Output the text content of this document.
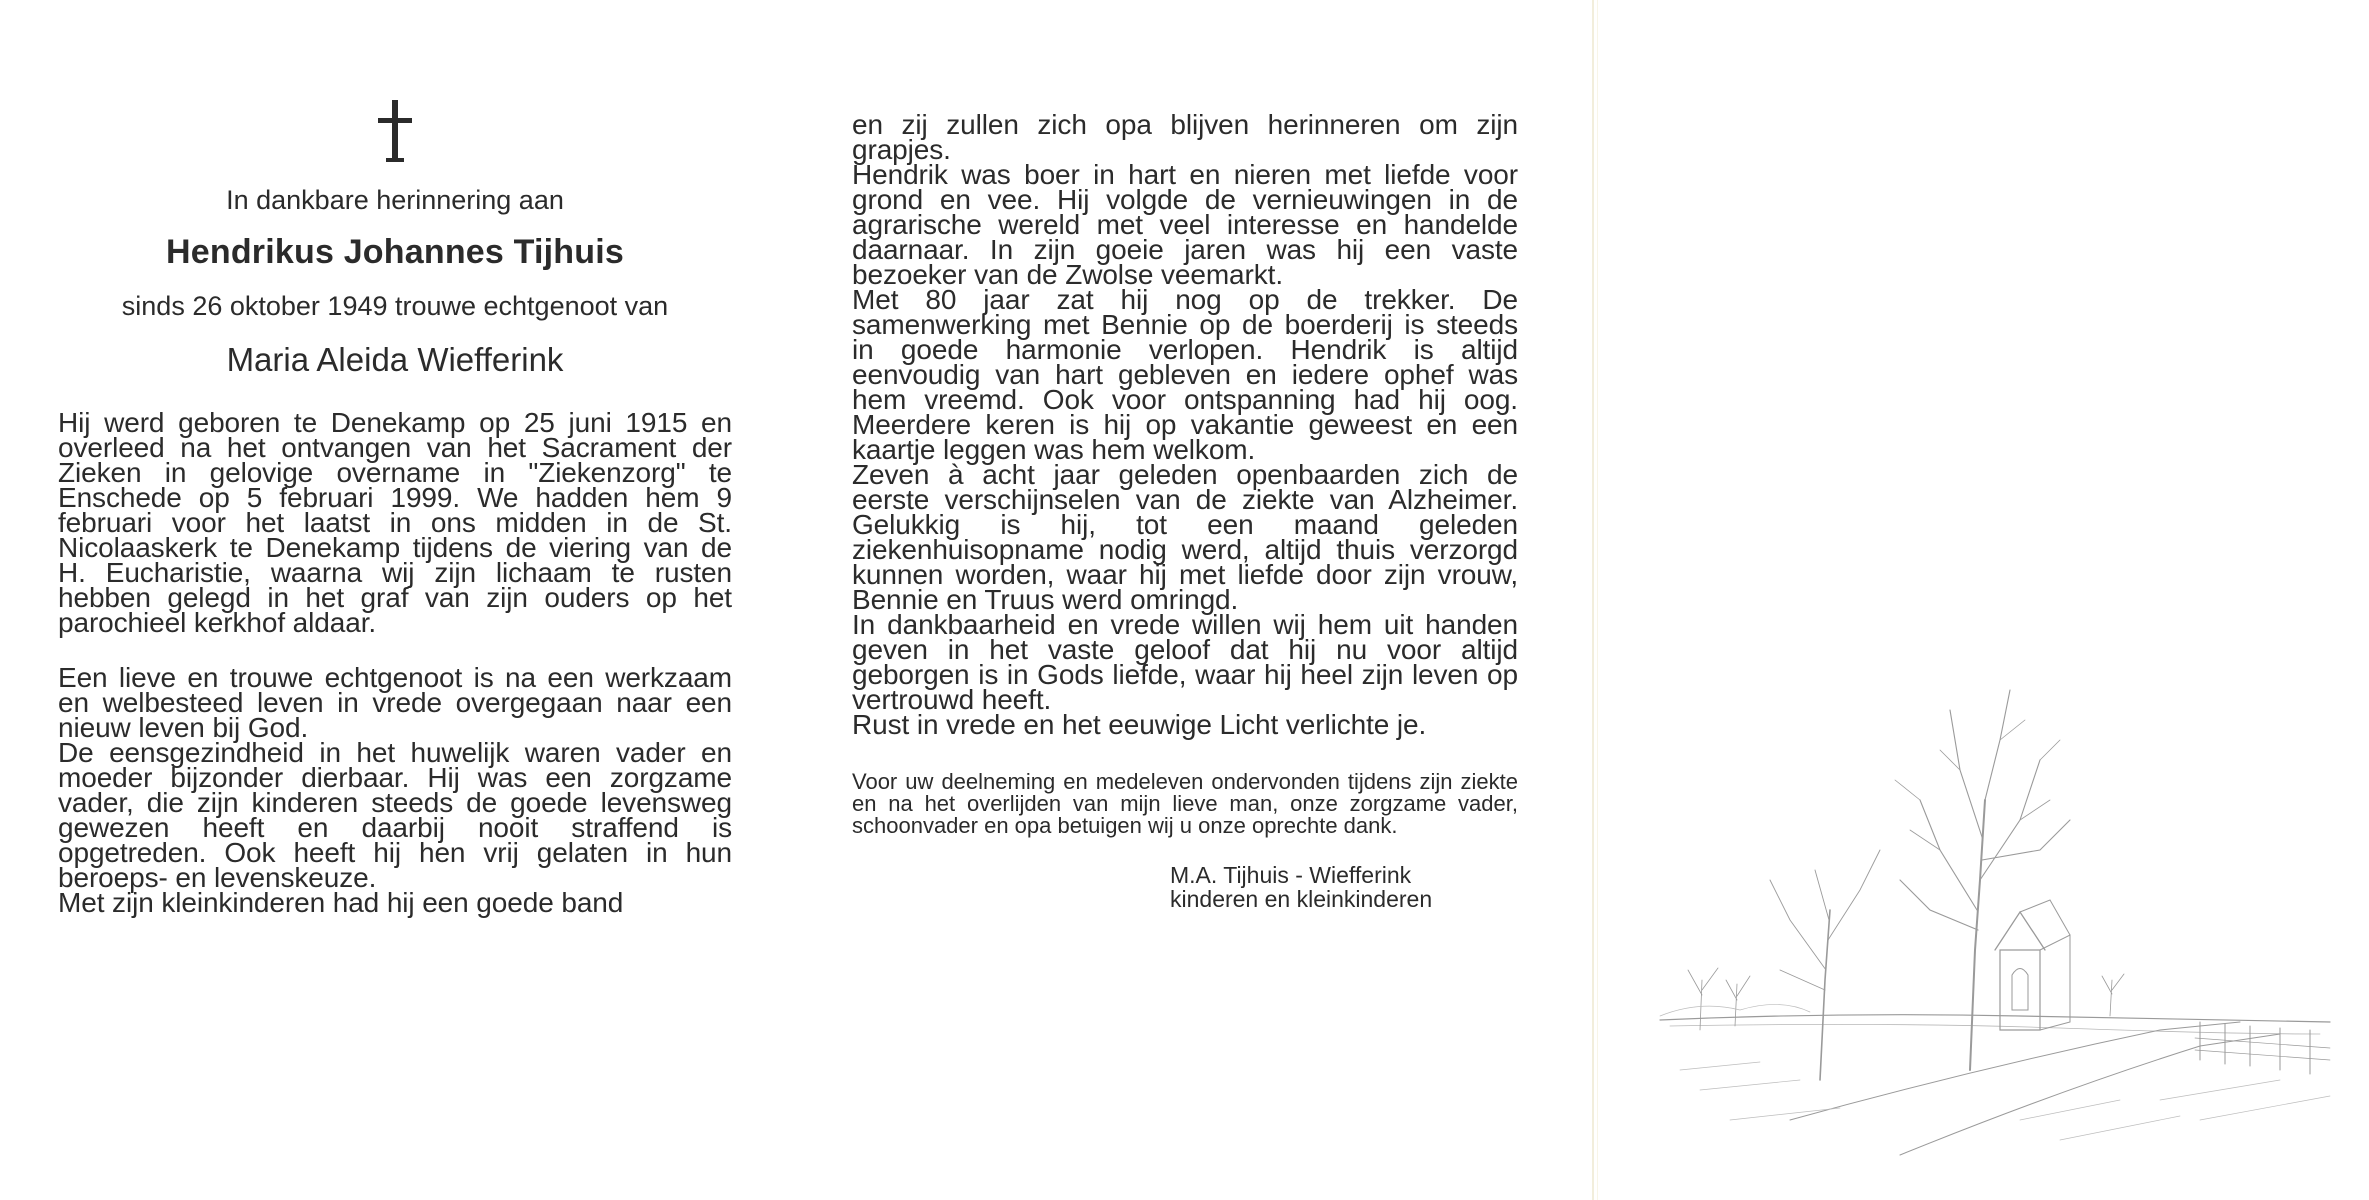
In dankbare herinnering aan
Hendrikus Johannes Tijhuis
sinds 26 oktober 1949 trouwe echtgenoot van
Maria Aleida Wiefferink

Hij werd geboren te Denekamp op 25 juni 1915 en overleed na het ontvangen van het Sacrament der Zieken in gelovige overname in "Ziekenzorg" te Enschede op 5 februari 1999. We hadden hem 9 februari voor het laatst in ons midden in de St. Nicolaaskerk te Denekamp tijdens de viering van de H. Eucharistie, waarna wij zijn lichaam te rusten hebben gelegd in het graf van zijn ouders op het parochieel kerkhof aldaar.

Een lieve en trouwe echtgenoot is na een werkzaam en welbesteed leven in vrede overgegaan naar een nieuw leven bij God.

De eensgezindheid in het huwelijk waren vader en moeder bijzonder dierbaar. Hij was een zorgzame vader, die zijn kinderen steeds de goede levensweg gewezen heeft en daarbij nooit straffend is opgetreden. Ook heeft hij hen vrij gelaten in hun beroeps- en levenskeuze.

Met zijn kleinkinderen had hij een goede band

en zij zullen zich opa blijven herinneren om zijn grapjes.

Hendrik was boer in hart en nieren met liefde voor grond en vee. Hij volgde de vernieuwingen in de agrarische wereld met veel interesse en handelde daarnaar. In zijn goeie jaren was hij een vaste bezoeker van de Zwolse veemarkt.

Met 80 jaar zat hij nog op de trekker. De samenwerking met Bennie op de boerderij is steeds in goede harmonie verlopen. Hendrik is altijd eenvoudig van hart gebleven en iedere ophef was hem vreemd. Ook voor ontspanning had hij oog. Meerdere keren is hij op vakantie geweest en een kaartje leggen was hem welkom.

Zeven à acht jaar geleden openbaarden zich de eerste verschijnselen van de ziekte van Alzheimer. Gelukkig is hij, tot een maand geleden ziekenhuisopname nodig werd, altijd thuis verzorgd kunnen worden, waar hij met liefde door zijn vrouw, Bennie en Truus werd omringd.

In dankbaarheid en vrede willen wij hem uit handen geven in het vaste geloof dat hij nu voor altijd geborgen is in Gods liefde, waar hij heel zijn leven op vertrouwd heeft.

Rust in vrede en het eeuwige Licht verlichte je.

Voor uw deelneming en medeleven ondervonden tijdens zijn ziekte en na het overlijden van mijn lieve man, onze zorgzame vader, schoonvader en opa betuigen wij u onze oprechte dank.
M.A. Tijhuis - Wiefferink
kinderen en kleinkinderen
